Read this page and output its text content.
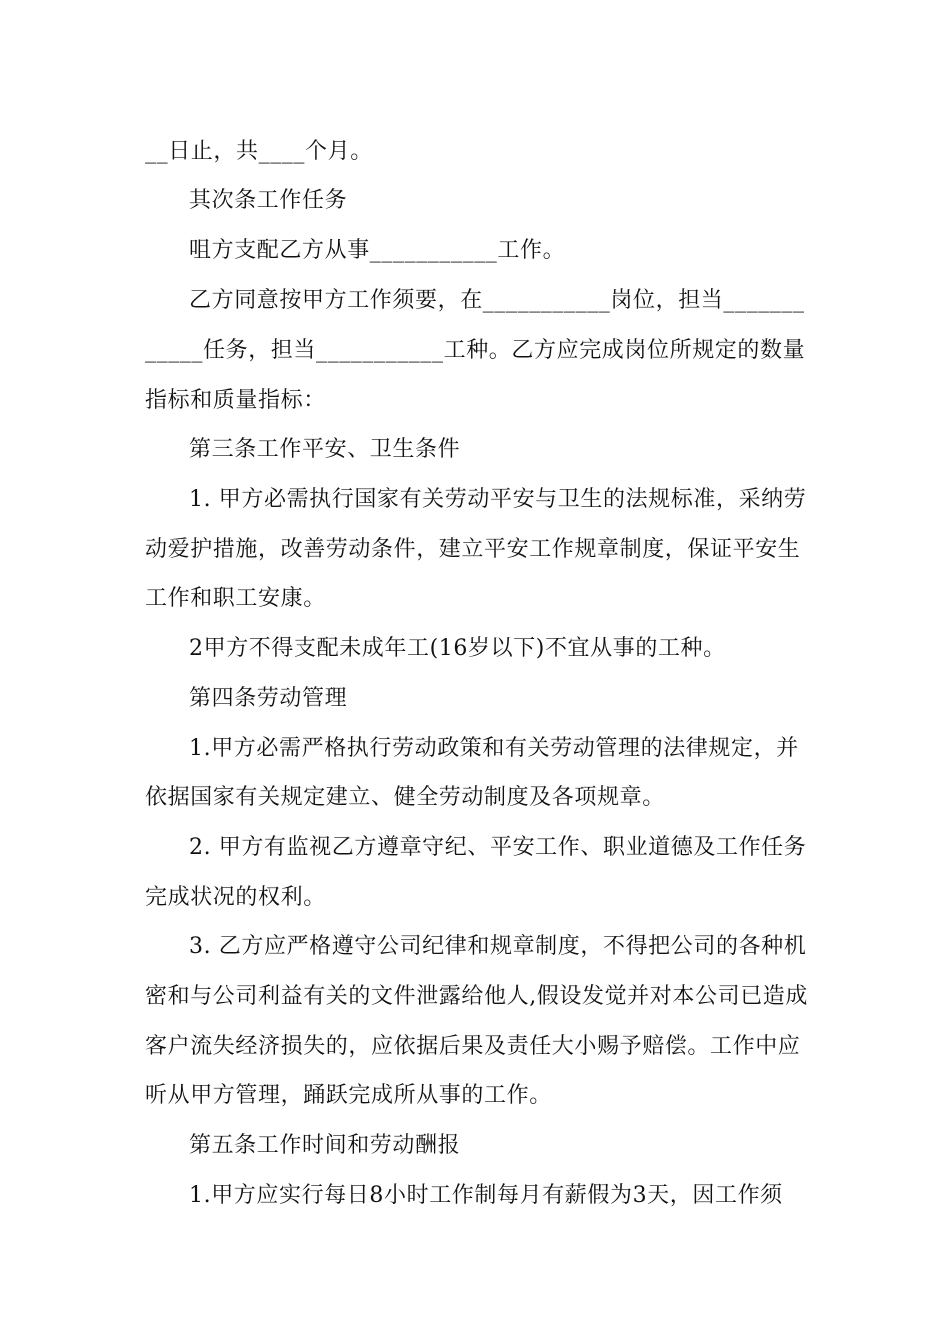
__日止，共____个月。
其次条工作任务
咀方支配乙方从事___________工作。
乙方同意按甲方工作须要，在___________岗位，担当_______
_____任务，担当___________工种。乙方应完成岗位所规定的数量
指标和质量指标：
第三条工作平安、卫生条件
1. 甲方必需执行国家有关劳动平安与卫生的法规标准，采纳劳
动爱护措施，改善劳动条件，建立平安工作规章制度，保证平安生
工作和职工安康。
2甲方不得支配未成年工(16岁以下)不宜从事的工种。
第四条劳动管理
1.甲方必需严格执行劳动政策和有关劳动管理的法律规定，并
依据国家有关规定建立、健全劳动制度及各项规章。
2. 甲方有监视乙方遵章守纪、平安工作、职业道德及工作任务
完成状况的权利。
3. 乙方应严格遵守公司纪律和规章制度，不得把公司的各种机
密和与公司利益有关的文件泄露给他人,假设发觉并对本公司已造成
客户流失经济损失的，应依据后果及责任大小赐予赔偿。工作中应
听从甲方管理，踊跃完成所从事的工作。
第五条工作时间和劳动酬报
1.甲方应实行每日8小时工作制每月有薪假为3天，因工作须
